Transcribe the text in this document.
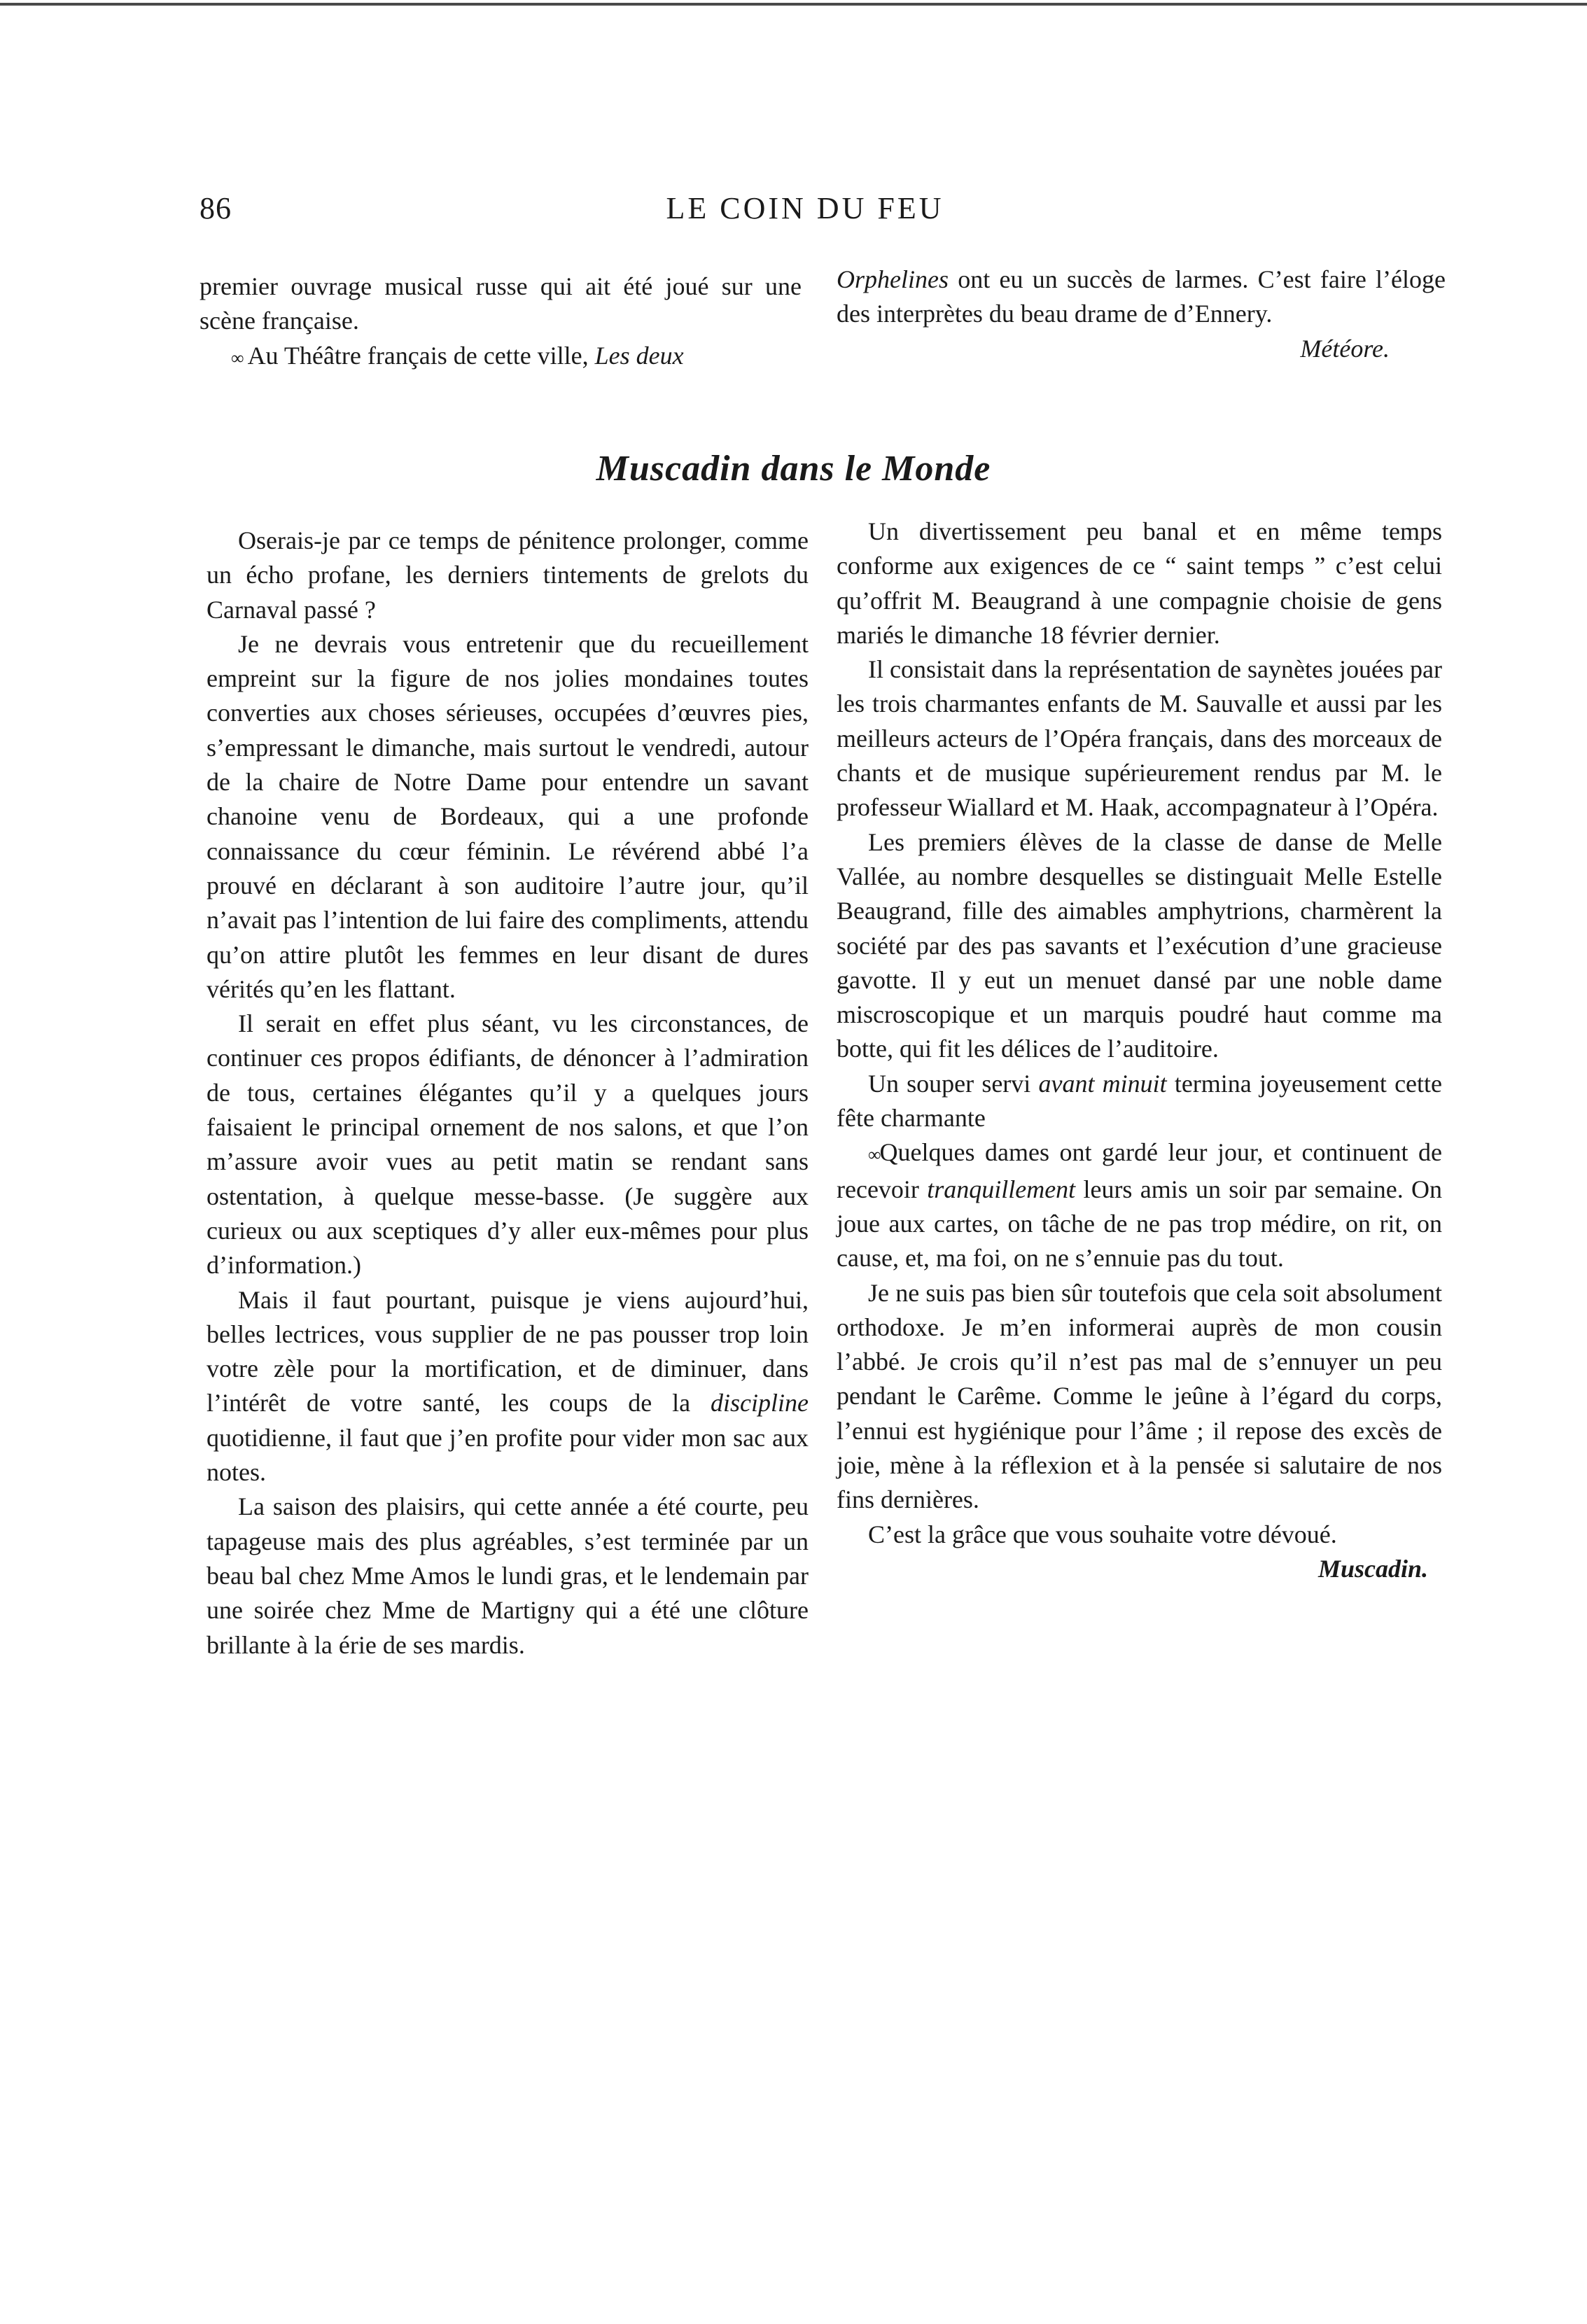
86	LE COIN DU FEU

premier ouvrage musical russe qui ait été joué sur une scène française.

∞ Au Théâtre français de cette ville, Les deux

Orphelines ont eu un succès de larmes. C’est faire l’éloge des interprètes du beau drame de d’Ennery.

Météore.

Muscadin dans le Monde

Oserais-je par ce temps de pénitence prolonger, comme un écho profane, les derniers tintements de grelots du Carnaval passé ?

Je ne devrais vous entretenir que du recueillement empreint sur la figure de nos jolies mondaines toutes converties aux choses sérieuses, occupées d’œuvres pies, s’empressant le dimanche, mais surtout le vendredi, autour de la chaire de Notre Dame pour entendre un savant chanoine venu de Bordeaux, qui a une profonde connaissance du cœur féminin. Le révérend abbé l’a prouvé en déclarant à son auditoire l’autre jour, qu’il n’avait pas l’intention de lui faire des compliments, attendu qu’on attire plutôt les femmes en leur disant de dures vérités qu’en les flattant.

Il serait en effet plus séant, vu les circonstances, de continuer ces propos édifiants, de dénoncer à l’admiration de tous, certaines élégantes qu’il y a quelques jours faisaient le principal ornement de nos salons, et que l’on m’assure avoir vues au petit matin se rendant sans ostentation, à quelque messe-basse. (Je suggère aux curieux ou aux sceptiques d’y aller eux-mêmes pour plus d’information.)

Mais il faut pourtant, puisque je viens aujourd’hui, belles lectrices, vous supplier de ne pas pousser trop loin votre zèle pour la mortification, et de diminuer, dans l’intérêt de votre santé, les coups de la discipline quotidienne, il faut que j’en profite pour vider mon sac aux notes.

La saison des plaisirs, qui cette année a été courte, peu tapageuse mais des plus agréables, s’est terminée par un beau bal chez Mme Amos le lundi gras, et le lendemain par une soirée chez Mme de Martigny qui a été une clôture brillante à la érie de ses mardis.

Un divertissement peu banal et en même temps conforme aux exigences de ce “ saint temps ” c’est celui qu’offrit M. Beaugrand à une compagnie choisie de gens mariés le dimanche 18 février dernier.

Il consistait dans la représentation de saynètes jouées par les trois charmantes enfants de M. Sauvalle et aussi par les meilleurs acteurs de l’Opéra français, dans des morceaux de chants et de musique supérieurement rendus par M. le professeur Wiallard et M. Haak, accompagnateur à l’Opéra.

Les premiers élèves de la classe de danse de Melle Vallée, au nombre desquelles se distinguait Melle Estelle Beaugrand, fille des aimables amphytrions, charmèrent la société par des pas savants et l’exécution d’une gracieuse gavotte. Il y eut un menuet dansé par une noble dame miscroscopique et un marquis poudré haut comme ma botte, qui fit les délices de l’auditoire.

Un souper servi avant minuit termina joyeusement cette fête charmante

∞Quelques dames ont gardé leur jour, et continuent de recevoir tranquillement leurs amis un soir par semaine. On joue aux cartes, on tâche de ne pas trop médire, on rit, on cause, et, ma foi, on ne s’ennuie pas du tout.

Je ne suis pas bien sûr toutefois que cela soit absolument orthodoxe. Je m’en informerai auprès de mon cousin l’abbé. Je crois qu’il n’est pas mal de s’ennuyer un peu pendant le Carême. Comme le jeûne à l’égard du corps, l’ennui est hygiénique pour l’âme ; il repose des excès de joie, mène à la réflexion et à la pensée si salutaire de nos fins dernières.

C’est la grâce que vous souhaite votre dévoué.

Muscadin.
